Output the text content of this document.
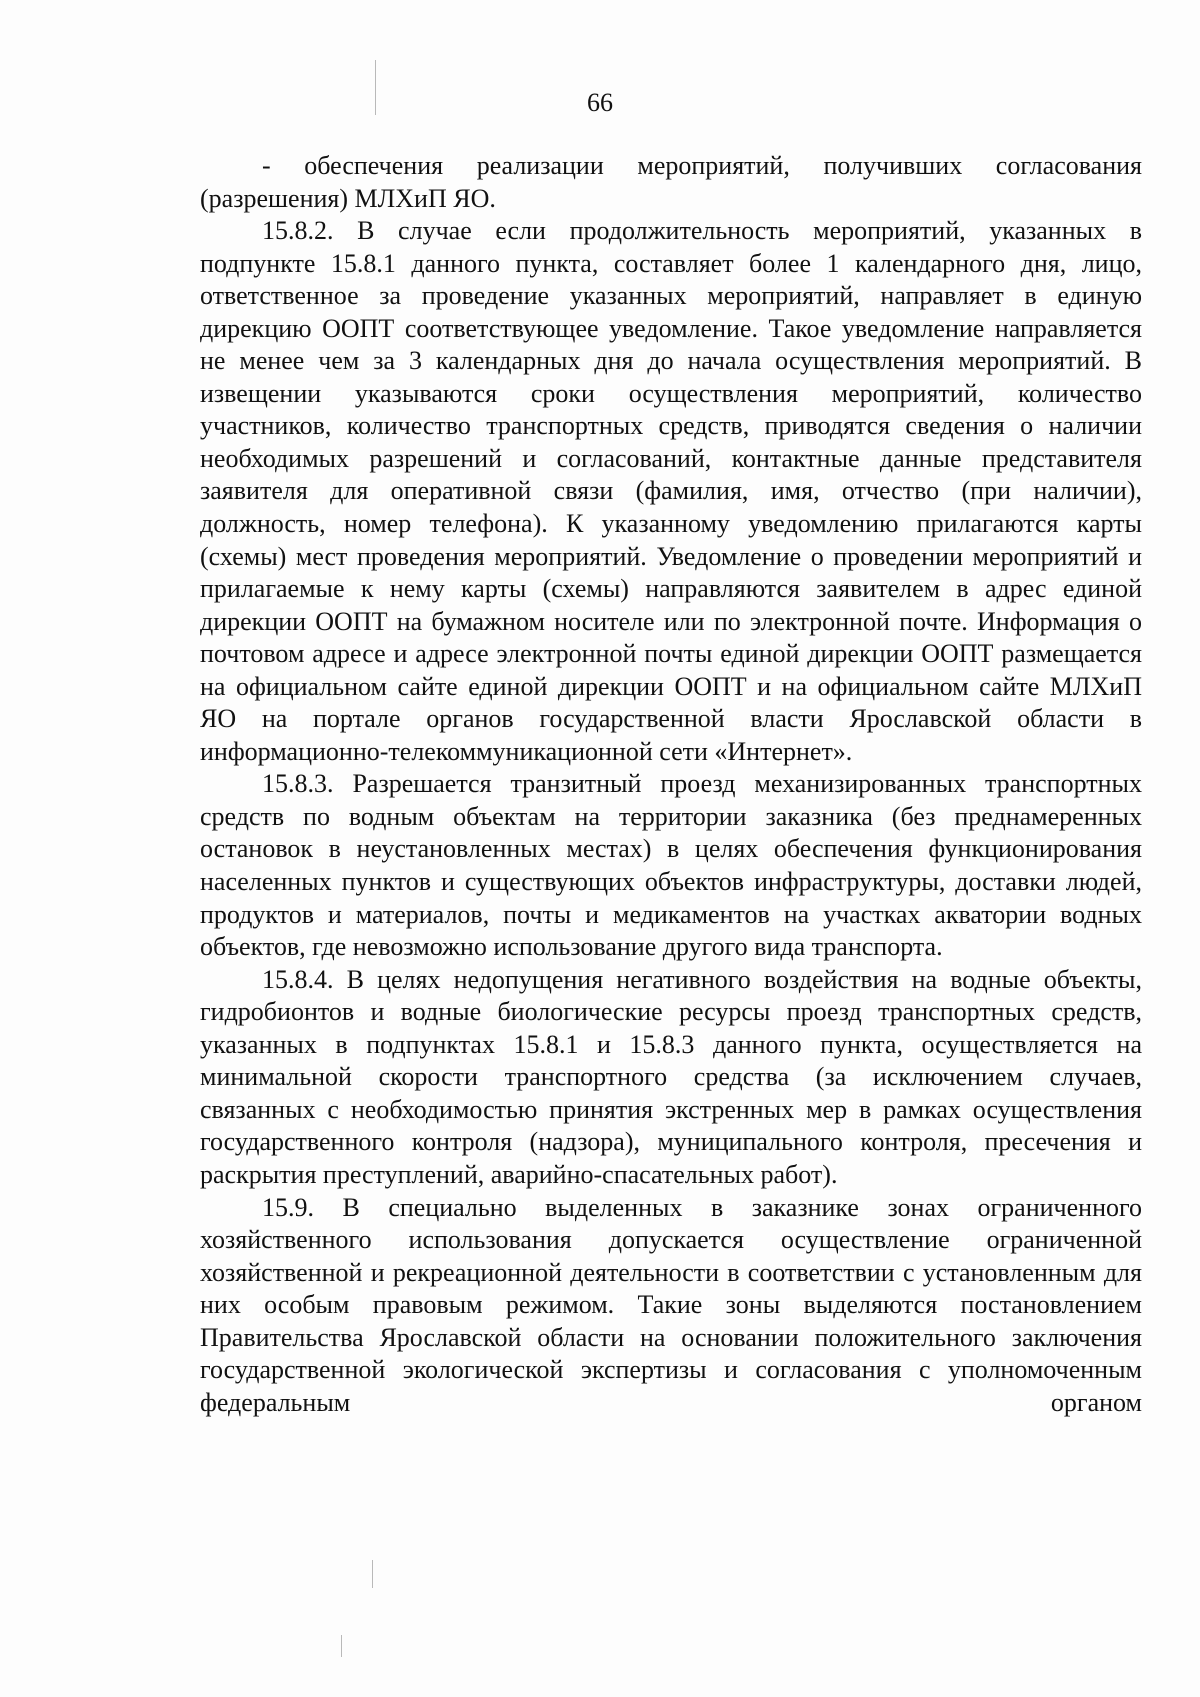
66

- обеспечения реализации мероприятий, получивших согласования (разрешения) МЛХиП ЯО.

15.8.2. В случае если продолжительность мероприятий, указанных в подпункте 15.8.1 данного пункта, составляет более 1 календарного дня, лицо, ответственное за проведение указанных мероприятий, направляет в единую дирекцию ООПТ соответствующее уведомление. Такое уведомление направляется не менее чем за 3 календарных дня до начала осуществления мероприятий. В извещении указываются сроки осуществления мероприятий, количество участников, количество транспортных средств, приводятся сведения о наличии необходимых разрешений и согласований, контактные данные представителя заявителя для оперативной связи (фамилия, имя, отчество (при наличии), должность, номер телефона). К указанному уведомлению прилагаются карты (схемы) мест проведения мероприятий. Уведомление о проведении мероприятий и прилагаемые к нему карты (схемы) направляются заявителем в адрес единой дирекции ООПТ на бумажном носителе или по электронной почте. Информация о почтовом адресе и адресе электронной почты единой дирекции ООПТ размещается на официальном сайте единой дирекции ООПТ и на официальном сайте МЛХиП ЯО на портале органов государственной власти Ярославской области в информационно-телекоммуникационной сети «Интернет».

15.8.3. Разрешается транзитный проезд механизированных транспортных средств по водным объектам на территории заказника (без преднамеренных остановок в неустановленных местах) в целях обеспечения функционирования населенных пунктов и существующих объектов инфраструктуры, доставки людей, продуктов и материалов, почты и медикаментов на участках акватории водных объектов, где невозможно использование другого вида транспорта.

15.8.4. В целях недопущения негативного воздействия на водные объекты, гидробионтов и водные биологические ресурсы проезд транспортных средств, указанных в подпунктах 15.8.1 и 15.8.3 данного пункта, осуществляется на минимальной скорости транспортного средства (за исключением случаев, связанных с необходимостью принятия экстренных мер в рамках осуществления государственного контроля (надзора), муниципального контроля, пресечения и раскрытия преступлений, аварийно-спасательных работ).

15.9. В специально выделенных в заказнике зонах ограниченного хозяйственного использования допускается осуществление ограниченной хозяйственной и рекреационной деятельности в соответствии с установленным для них особым правовым режимом. Такие зоны выделяются постановлением Правительства Ярославской области на основании положительного заключения государственной экологической экспертизы и согласования с уполномоченным федеральным органом
